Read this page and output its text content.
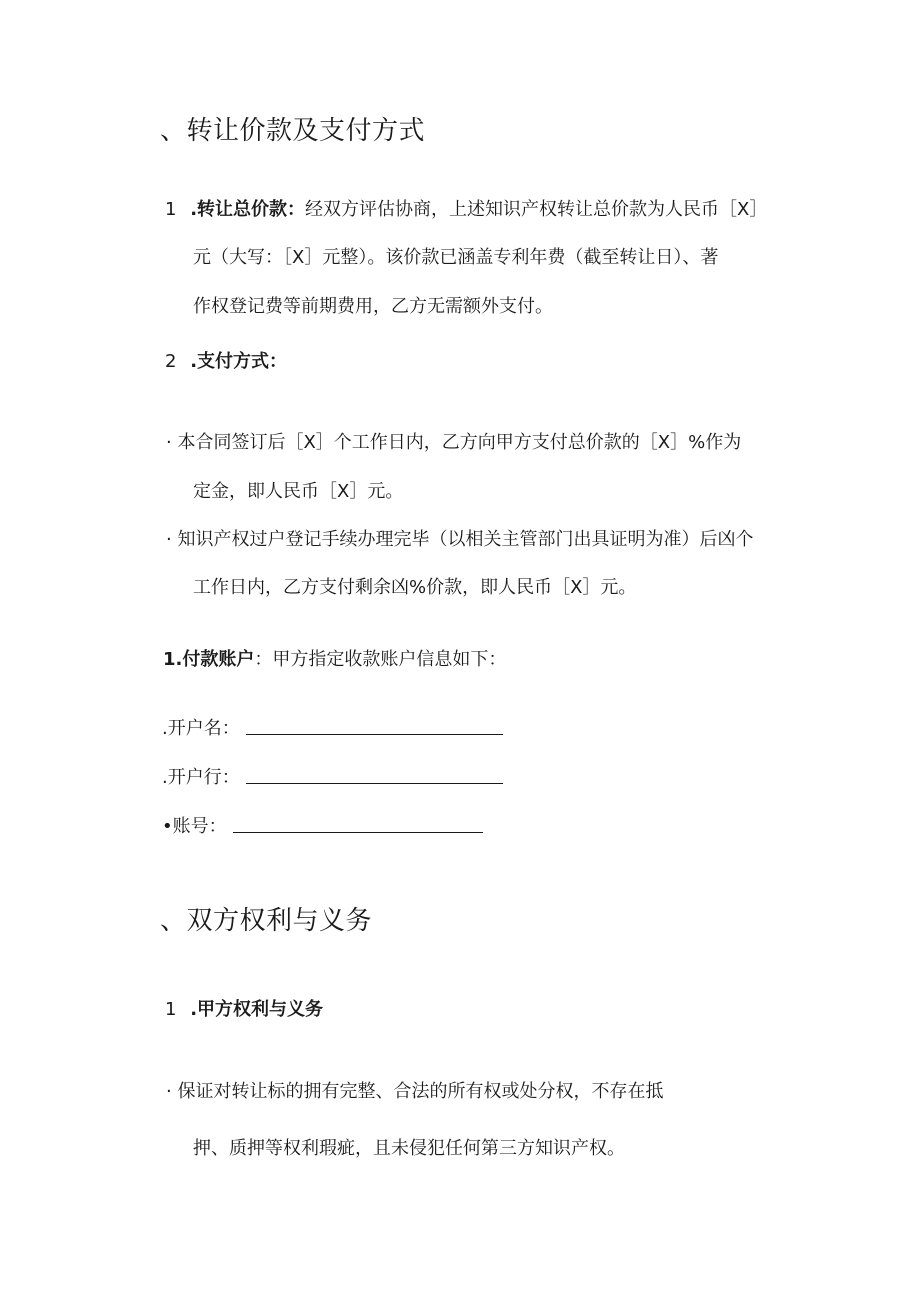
、转让价款及支付方式
1 .转让总价款：经双方评估协商，上述知识产权转让总价款为人民币［X］
元（大写：［X］元整）。该价款已涵盖专利年费（截至转让日）、著
作权登记费等前期费用，乙方无需额外支付。
2 .支付方式：
· 本合同签订后［X］个工作日内，乙方向甲方支付总价款的［X］%作为
定金，即人民币［X］元。
· 知识产权过户登记手续办理完毕（以相关主管部门出具证明为准）后凶个
工作日内，乙方支付剩余凶%价款，即人民币［X］元。
1.付款账户：甲方指定收款账户信息如下：
.开户名：
.开户行：
•账号：
、双方权利与义务
1 .甲方权利与义务
· 保证对转让标的拥有完整、合法的所有权或处分权，不存在抵
押、质押等权利瑕疵，且未侵犯任何第三方知识产权。
